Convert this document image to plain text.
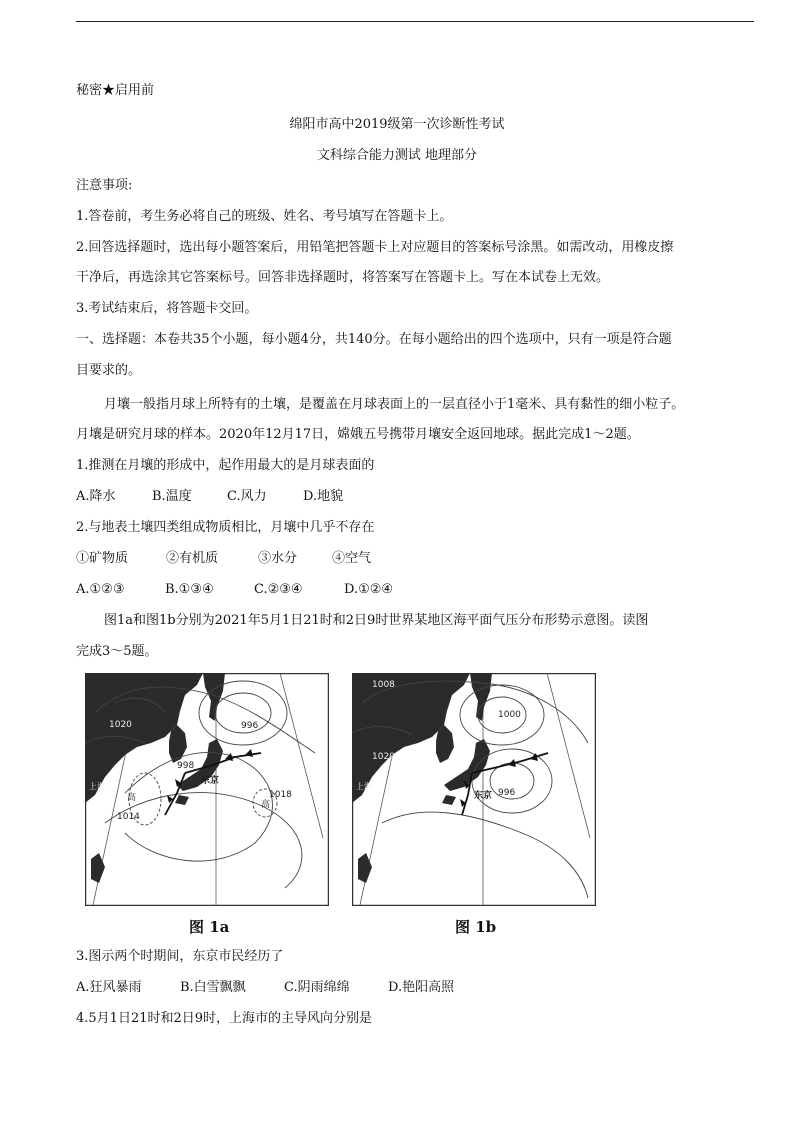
秘密★启用前
绵阳市高中2019级第一次诊断性考试
文科综合能力测试 地理部分
注意事项:
1.答卷前，考生务必将自己的班级、姓名、考号填写在答题卡上。
2.回答选择题时，选出每小题答案后，用铅笔把答题卡上对应题目的答案标号涂黑。如需改动，用橡皮擦
干净后，再选涂其它答案标号。回答非选择题时，将答案写在答题卡上。写在本试卷上无效。
3.考试结束后，将答题卡交回。
一、选择题：本卷共35个小题，每小题4分，共140分。在每小题给出的四个选项中，只有一项是符合题
目要求的。
月壤一般指月球上所特有的土壤，是覆盖在月球表面上的一层直径小于1毫米、具有黏性的细小粒子。
月壤是研究月球的样本。2020年12月17日，嫦娥五号携带月壤安全返回地球。据此完成1～2题。
1.推测在月壤的形成中，起作用最大的是月球表面的
A.降水	B.温度	C.风力	D.地貌
2.与地表土壤四类组成物质相比，月壤中几乎不存在
①矿物质	②有机质	③水分	④空气
A.①②③	B.①③④	C.②③④	D.①②④
图1a和图1b分别为2021年5月1日21时和2日9时世界某地区海平面气压分布形势示意图。读图
完成3～5题。
996
1020
998
东京
高
1014
高
1018
上海
图 1a
1008
1000
1020
996
东京
上海
图 1b
3.图示两个时期间，东京市民经历了
A.狂风暴雨	B.白雪飘飘	C.阴雨绵绵	D.艳阳高照
4.5月1日21时和2日9时，上海市的主导风向分别是
